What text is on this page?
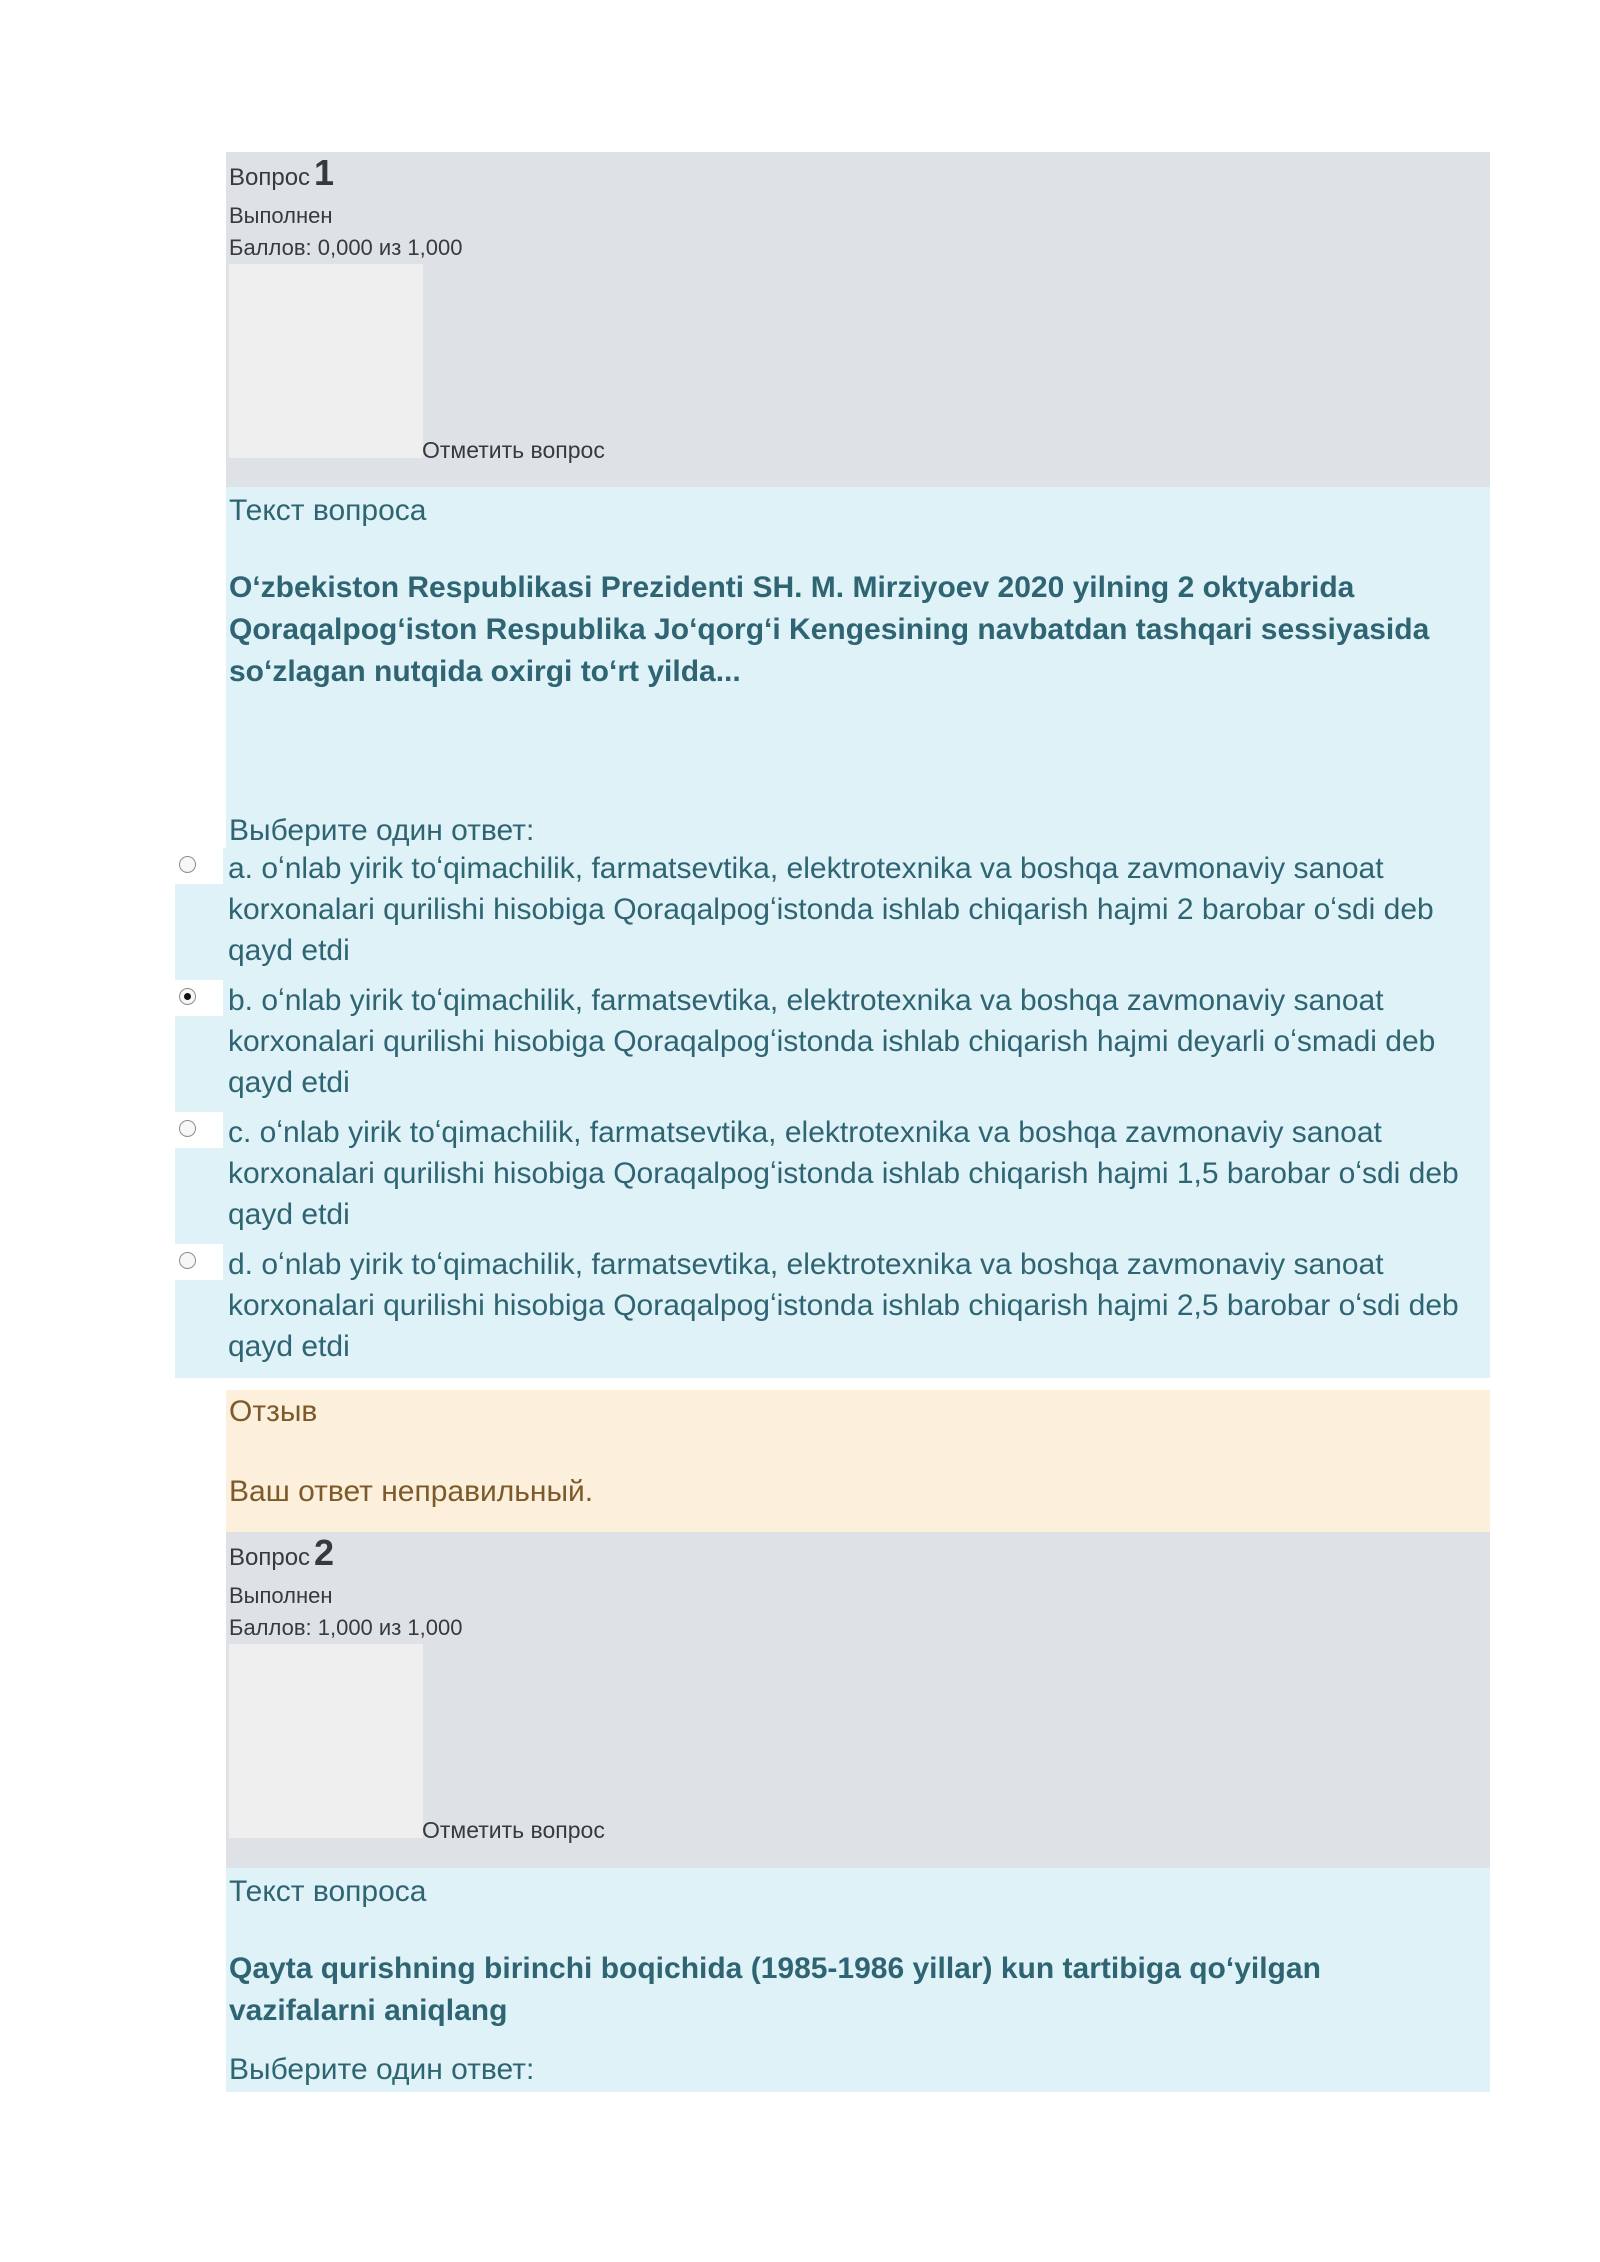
Вопрос 1
Выполнен
Баллов: 0,000 из 1,000
Отметить вопрос
Текст вопроса
Oʻzbekiston Respublikasi Prezidenti SH. M. Mirziyoev 2020 yilning 2 oktyabrida Qoraqalpogʻiston Respublika Joʻqorgʻi Kengesining navbatdan tashqari sessiyasida soʻzlagan nutqida oxirgi toʻrt yilda...
Выберите один ответ:
a. oʻnlab yirik toʻqimachilik, farmatsevtika, elektrotexnika va boshqa zavmonaviy sanoat korxonalari qurilishi hisobiga Qoraqalpogʻistonda ishlab chiqarish hajmi 2 barobar oʻsdi deb qayd etdi
b. oʻnlab yirik toʻqimachilik, farmatsevtika, elektrotexnika va boshqa zavmonaviy sanoat korxonalari qurilishi hisobiga Qoraqalpogʻistonda ishlab chiqarish hajmi deyarli oʻsmadi deb qayd etdi
c. oʻnlab yirik toʻqimachilik, farmatsevtika, elektrotexnika va boshqa zavmonaviy sanoat korxonalari qurilishi hisobiga Qoraqalpogʻistonda ishlab chiqarish hajmi 1,5 barobar oʻsdi deb qayd etdi
d. oʻnlab yirik toʻqimachilik, farmatsevtika, elektrotexnika va boshqa zavmonaviy sanoat korxonalari qurilishi hisobiga Qoraqalpogʻistonda ishlab chiqarish hajmi 2,5 barobar oʻsdi deb qayd etdi
Отзыв
Ваш ответ неправильный.
Вопрос 2
Выполнен
Баллов: 1,000 из 1,000
Отметить вопрос
Текст вопроса
Qayta qurishning birinchi boqichida (1985-1986 yillar) kun tartibiga qoʻyilgan vazifalarni aniqlang
Выберите один ответ:
